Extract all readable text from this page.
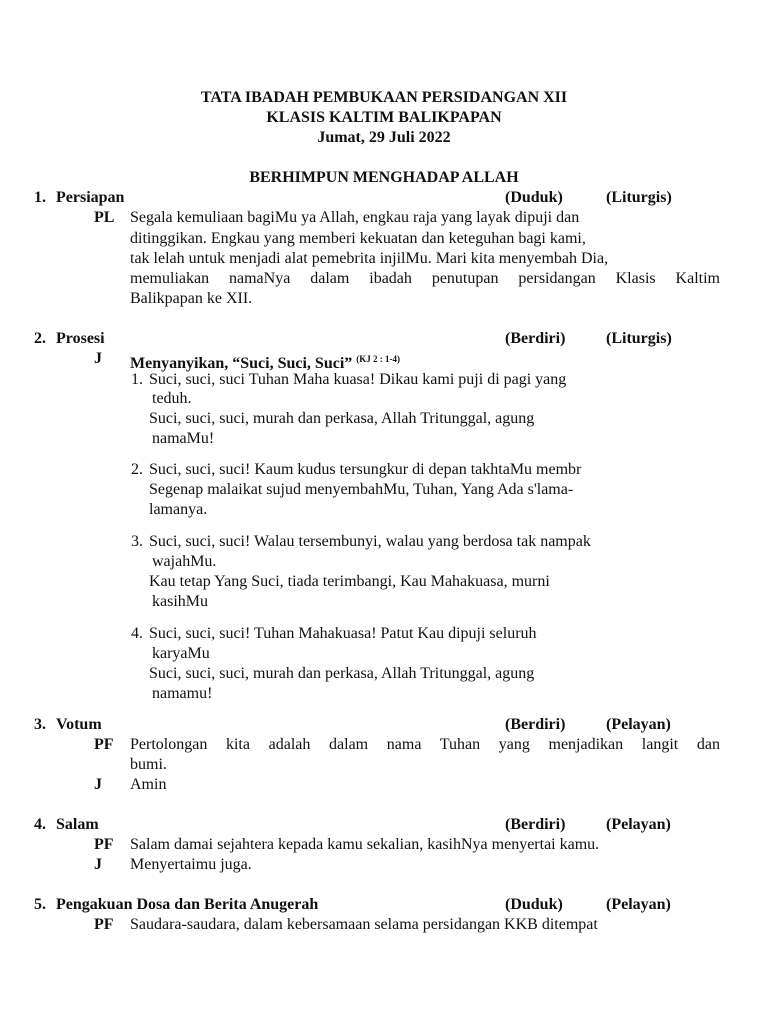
TATA IBADAH PEMBUKAAN PERSIDANGAN XII
KLASIS KALTIM BALIKPAPAN
Jumat, 29 Juli 2022
BERHIMPUN MENGHADAP ALLAH
1. Persiapan	(Duduk)	(Liturgis)
PL Segala kemuliaan bagiMu ya Allah, engkau raja yang layak dipuji dan
ditinggikan. Engkau yang memberi kekuatan dan keteguhan bagi kami,
tak lelah untuk menjadi alat pemebrita injilMu. Mari kita menyembah Dia,
memuliakan namaNya dalam ibadah penutupan persidangan Klasis Kaltim
Balikpapan ke XII.
2. Prosesi	(Berdiri)	(Liturgis)
J Menyanyikan, “Suci, Suci, Suci” $^{(KJ 2 : 1-4)}$
1. Suci, suci, suci Tuhan Maha kuasa! Dikau kami puji di pagi yang
teduh.
Suci, suci, suci, murah dan perkasa, Allah Tritunggal, agung
namaMu!
2. Suci, suci, suci! Kaum kudus tersungkur di depan takhtaMu membr
Segenap malaikat sujud menyembahMu, Tuhan, Yang Ada s'lama-
lamanya.
3. Suci, suci, suci! Walau tersembunyi, walau yang berdosa tak nampak
wajahMu.
Kau tetap Yang Suci, tiada terimbangi, Kau Mahakuasa, murni
kasihMu
4. Suci, suci, suci! Tuhan Mahakuasa! Patut Kau dipuji seluruh
karyaMu
Suci, suci, suci, murah dan perkasa, Allah Tritunggal, agung
namamu!
3. Votum	(Berdiri)	(Pelayan)
PF Pertolongan kita adalah dalam nama Tuhan yang menjadikan langit dan
bumi.
J Amin
4. Salam	(Berdiri)	(Pelayan)
PF Salam damai sejahtera kepada kamu sekalian, kasihNya menyertai kamu.
J Menyertaimu juga.
5. Pengakuan Dosa dan Berita Anugerah	(Duduk)	(Pelayan)
PF Saudara-saudara, dalam kebersamaan selama persidangan KKB ditempat
